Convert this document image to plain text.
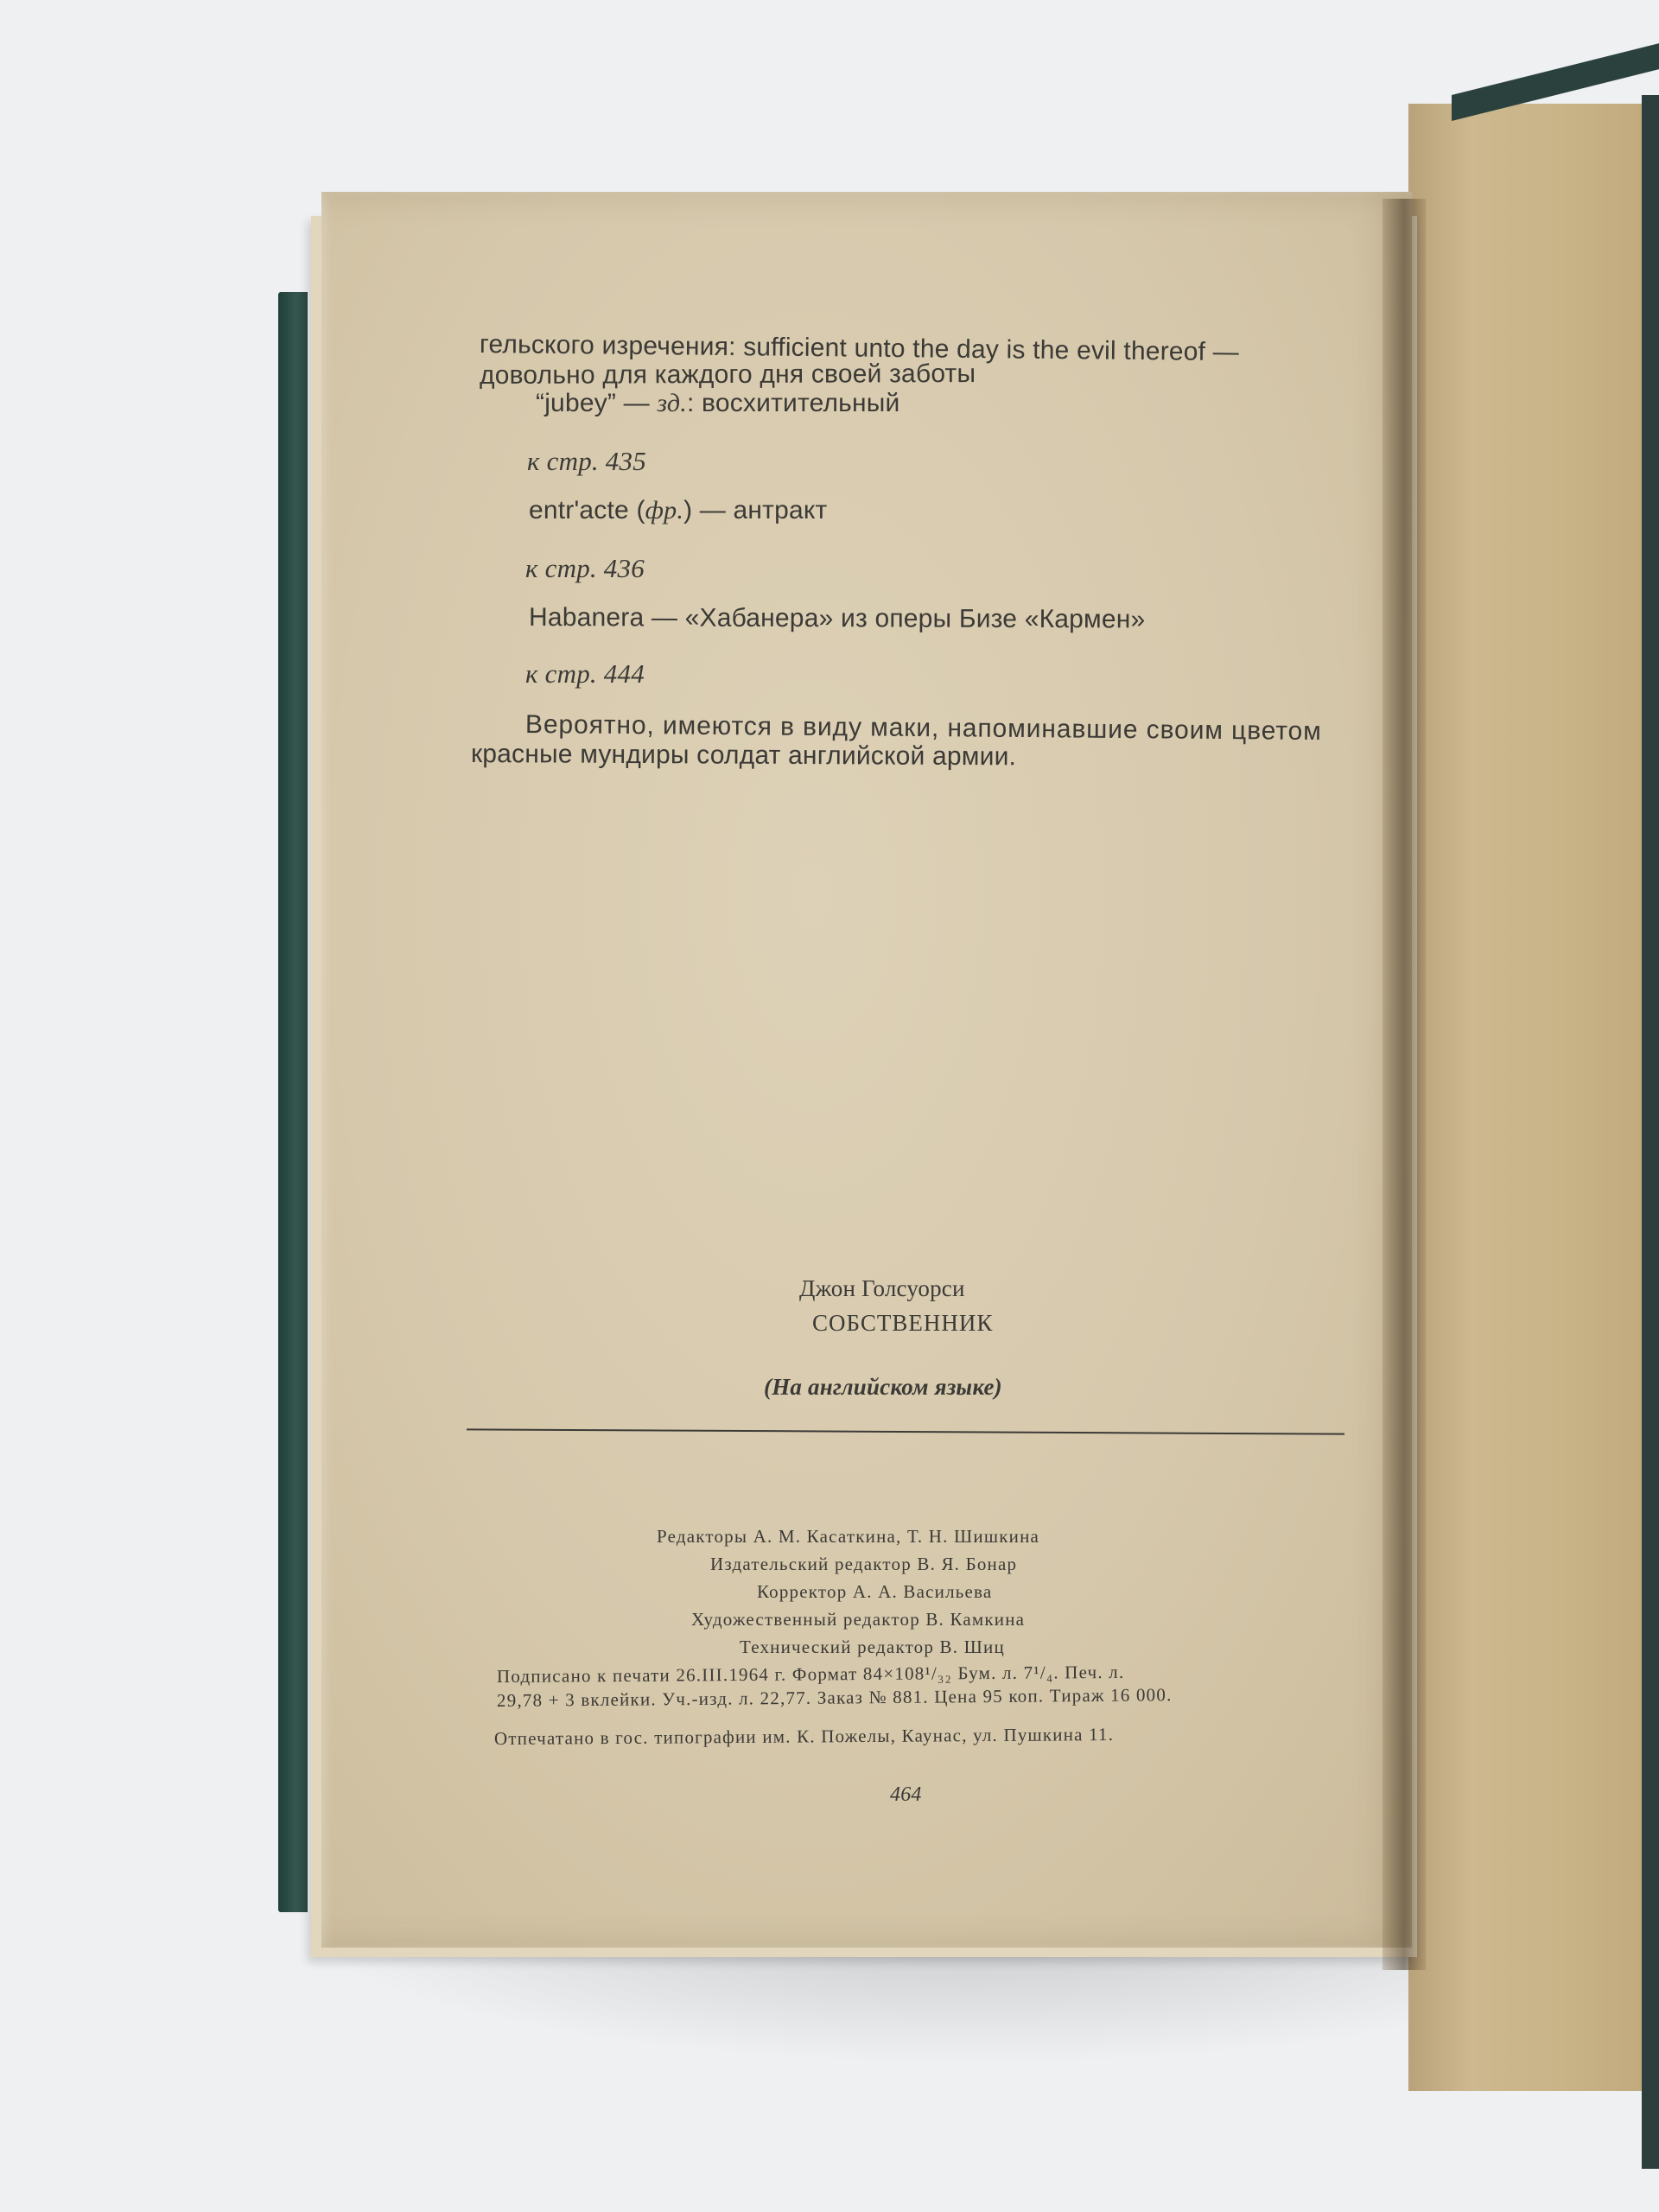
гельского изречения: sufficient unto the day is the evil thereof —
довольно для каждого дня своей заботы
“jubey” — зд.: восхитительный
к стр. 435
entr'acte (фр.) — антракт
к стр. 436
Habanera — «Хабанера» из оперы Бизе «Кармен»
к стр. 444
Вероятно, имеются в виду маки, напоминавшие своим цветом
красные мундиры солдат английской армии.
Джон Голсуорси
СОБСТВЕННИК
(На английском языке)
Редакторы А. М. Касаткина, Т. Н. Шишкина
Издательский редактор В. Я. Бонар
Корректор А. А. Васильева
Художественный редактор В. Камкина
Технический редактор В. Шиц
Подписано к печати 26.III.1964 г. Формат 84×108¹/₃₂ Бум. л. 7¹/₄. Печ. л.
29,78 + 3 вклейки. Уч.-изд. л. 22,77. Заказ № 881. Цена 95 коп. Тираж 16 000.
Отпечатано в гос. типографии им. К. Пожелы, Каунас, ул. Пушкина 11.
464
